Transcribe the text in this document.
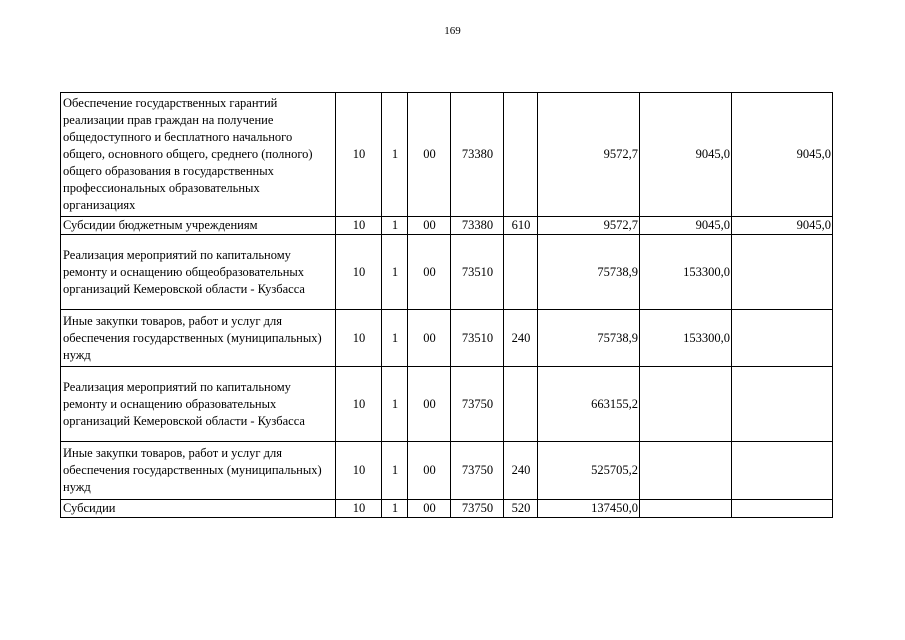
169
Обеспечение государственных гарантий реализации прав граждан на получение общедоступного и бесплатного начального общего, основного общего, среднего (полного) общего образования в государственных профессиональных образовательных организациях	10	1	00	73380		9572,7	9045,0	9045,0
Субсидии бюджетным учреждениям	10	1	00	73380	610	9572,7	9045,0	9045,0
Реализация мероприятий по капитальному ремонту и оснащению общеобразовательных организаций Кемеровской области - Кузбасса	10	1	00	73510		75738,9	153300,0	
Иные закупки товаров, работ и услуг для обеспечения государственных (муниципальных) нужд	10	1	00	73510	240	75738,9	153300,0	
Реализация мероприятий по капитальному ремонту и оснащению образовательных организаций Кемеровской области - Кузбасса	10	1	00	73750		663155,2		
Иные закупки товаров, работ и услуг для обеспечения государственных (муниципальных) нужд	10	1	00	73750	240	525705,2		
Субсидии	10	1	00	73750	520	137450,0		
